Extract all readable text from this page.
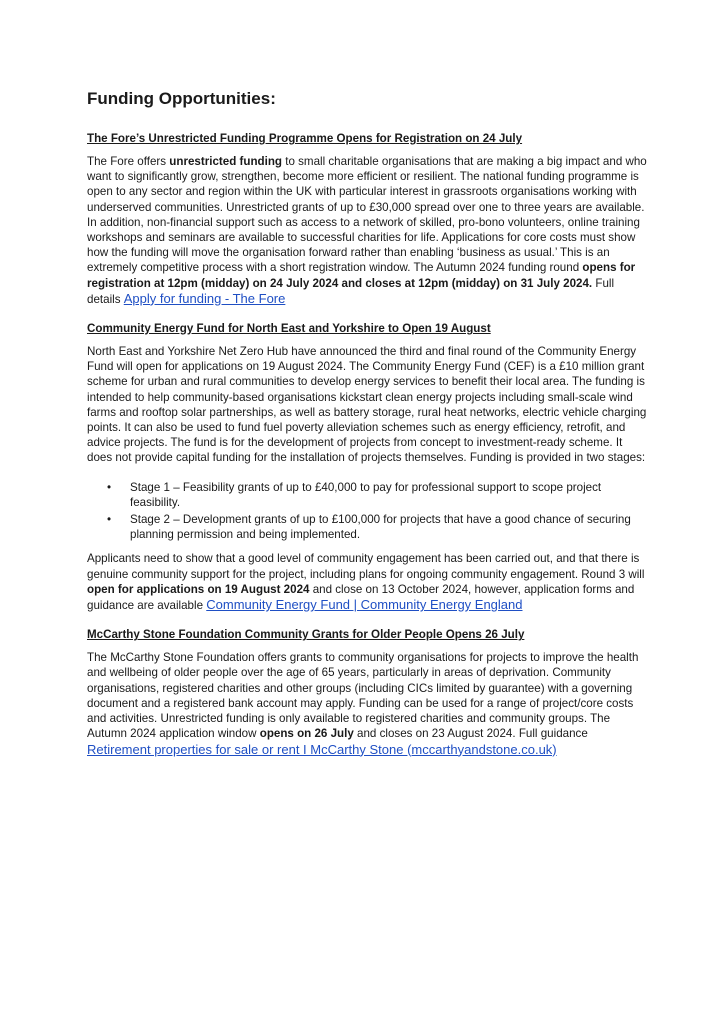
Funding Opportunities:
The Fore’s Unrestricted Funding Programme Opens for Registration on 24 July

The Fore offers unrestricted funding to small charitable organisations that are making a big impact and who want to significantly grow, strengthen, become more efficient or resilient. The national funding programme is open to any sector and region within the UK with particular interest in grassroots organisations working with underserved communities. Unrestricted grants of up to £30,000 spread over one to three years are available. In addition, non-financial support such as access to a network of skilled, pro-bono volunteers, online training workshops and seminars are available to successful charities for life. Applications for core costs must show how the funding will move the organisation forward rather than enabling ‘business as usual.’ This is an extremely competitive process with a short registration window. The Autumn 2024 funding round opens for registration at 12pm (midday) on 24 July 2024 and closes at 12pm (midday) on 31 July 2024. Full details Apply for funding - The Fore

Community Energy Fund for North East and Yorkshire to Open 19 August

North East and Yorkshire Net Zero Hub have announced the third and final round of the Community Energy Fund will open for applications on 19 August 2024. The Community Energy Fund (CEF) is a £10 million grant scheme for urban and rural communities to develop energy services to benefit their local area. The funding is intended to help community-based organisations kickstart clean energy projects including small-scale wind farms and rooftop solar partnerships, as well as battery storage, rural heat networks, electric vehicle charging points. It can also be used to fund fuel poverty alleviation schemes such as energy efficiency, retrofit, and advice projects. The fund is for the development of projects from concept to investment-ready scheme. It does not provide capital funding for the installation of projects themselves. Funding is provided in two stages:

• Stage 1 – Feasibility grants of up to £40,000 to pay for professional support to scope project feasibility.
• Stage 2 – Development grants of up to £100,000 for projects that have a good chance of securing planning permission and being implemented.

Applicants need to show that a good level of community engagement has been carried out, and that there is genuine community support for the project, including plans for ongoing community engagement. Round 3 will open for applications on 19 August 2024 and close on 13 October 2024, however, application forms and guidance are available Community Energy Fund | Community Energy England

McCarthy Stone Foundation Community Grants for Older People Opens 26 July

The McCarthy Stone Foundation offers grants to community organisations for projects to improve the health and wellbeing of older people over the age of 65 years, particularly in areas of deprivation. Community organisations, registered charities and other groups (including CICs limited by guarantee) with a governing document and a registered bank account may apply. Funding can be used for a range of project/core costs and activities. Unrestricted funding is only available to registered charities and community groups. The Autumn 2024 application window opens on 26 July and closes on 23 August 2024. Full guidance Retirement properties for sale or rent I McCarthy Stone (mccarthyandstone.co.uk)
